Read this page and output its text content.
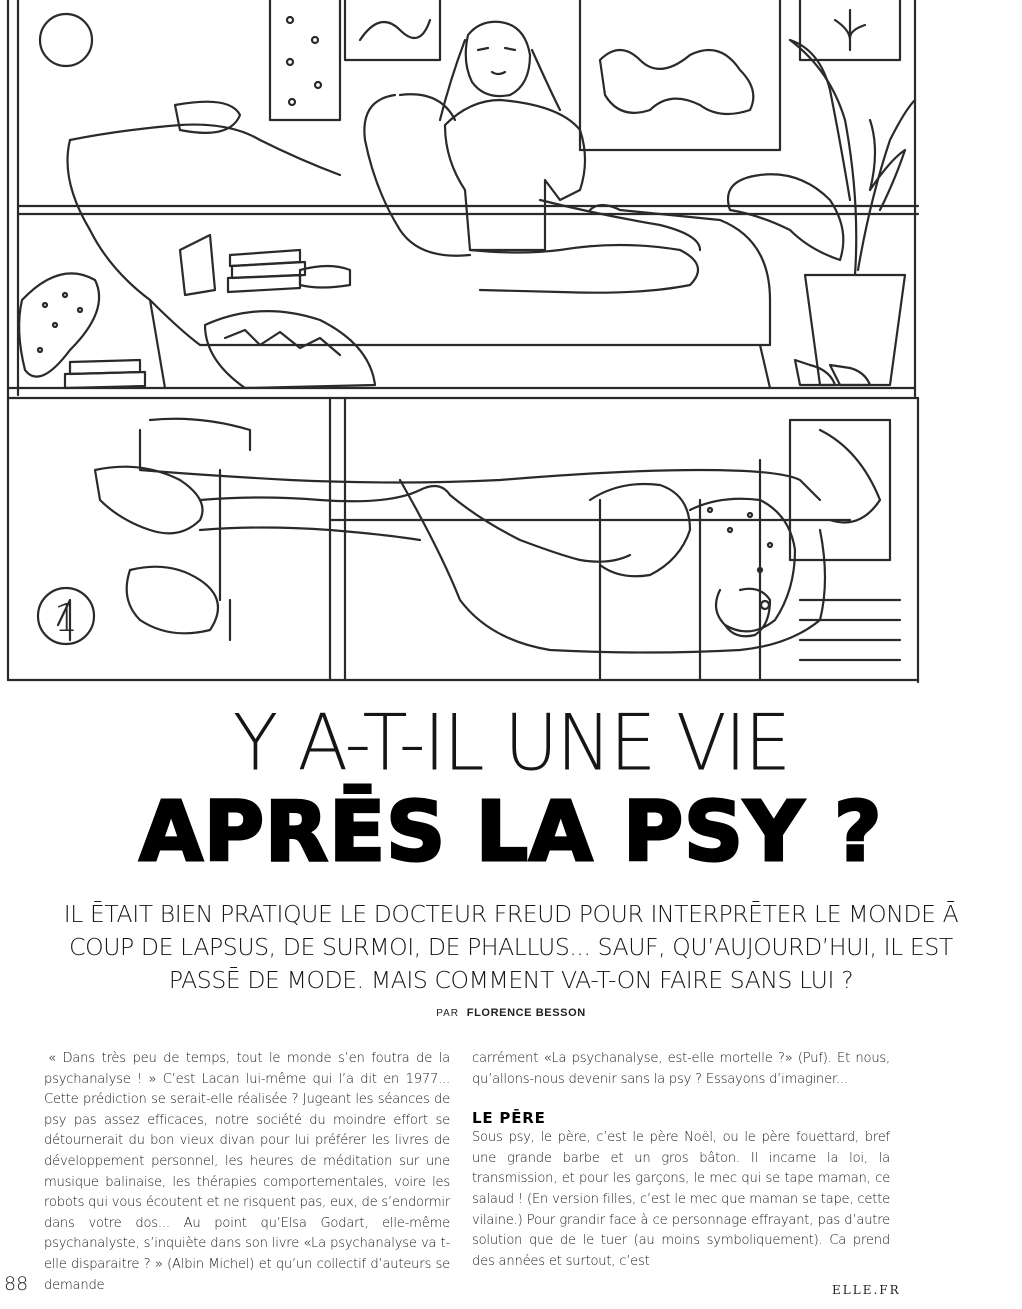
1
Y A-T-IL UNE VIE
APRĒS LA PSY ?

IL ĒTAIT BIEN PRATIQUE LE DOCTEUR FREUD POUR INTERPRĒTER LE MONDE Ā COUP DE LAPSUS, DE SURMOI, DE PHALLUS... SAUF, QU’AUJOURD’HUI, IL EST PASSĒ DE MODE. MAIS COMMENT VA-T-ON FAIRE SANS LUI ?

PAR FLORENCE BESSON

« Dans très peu de temps, tout le monde s’en foutra de la psychanalyse ! » C’est Lacan lui-même qui l’a dit en 1977... Cette prédiction se serait-elle réalisée ? Jugeant les séances de psy pas assez efficaces, notre société du moindre effort se détournerait du bon vieux divan pour lui préférer les livres de développement personnel, les heures de méditation sur une musique balinaise, les thérapies comportementales, voire les robots qui vous écoutent et ne risquent pas, eux, de s’endormir dans votre dos... Au point qu’Elsa Godart, elle-même psychanalyste, s’inquiète dans son livre «La psychanalyse va t-elle disparaitre ? » (Albin Michel) et qu’un collectif d’auteurs se demande

carrément «La psychanalyse, est-elle mortelle ?» (Puf). Et nous, qu’allons-nous devenir sans la psy ? Essayons d’imaginer...

LE PĒRE

Sous psy, le père, c’est le père Noël, ou le père fouettard, bref une grande barbe et un gros bâton. Il incarne la loi, la transmission, et pour les garçons, le mec qui se tape maman, ce salaud ! (En version filles, c’est le mec que maman se tape, cette vilaine.) Pour grandir face à ce personnage effrayant, pas d’autre solution que de le tuer (au moins symboliquement). Ca prend des années et surtout, c’est

88	ELLE.FR
